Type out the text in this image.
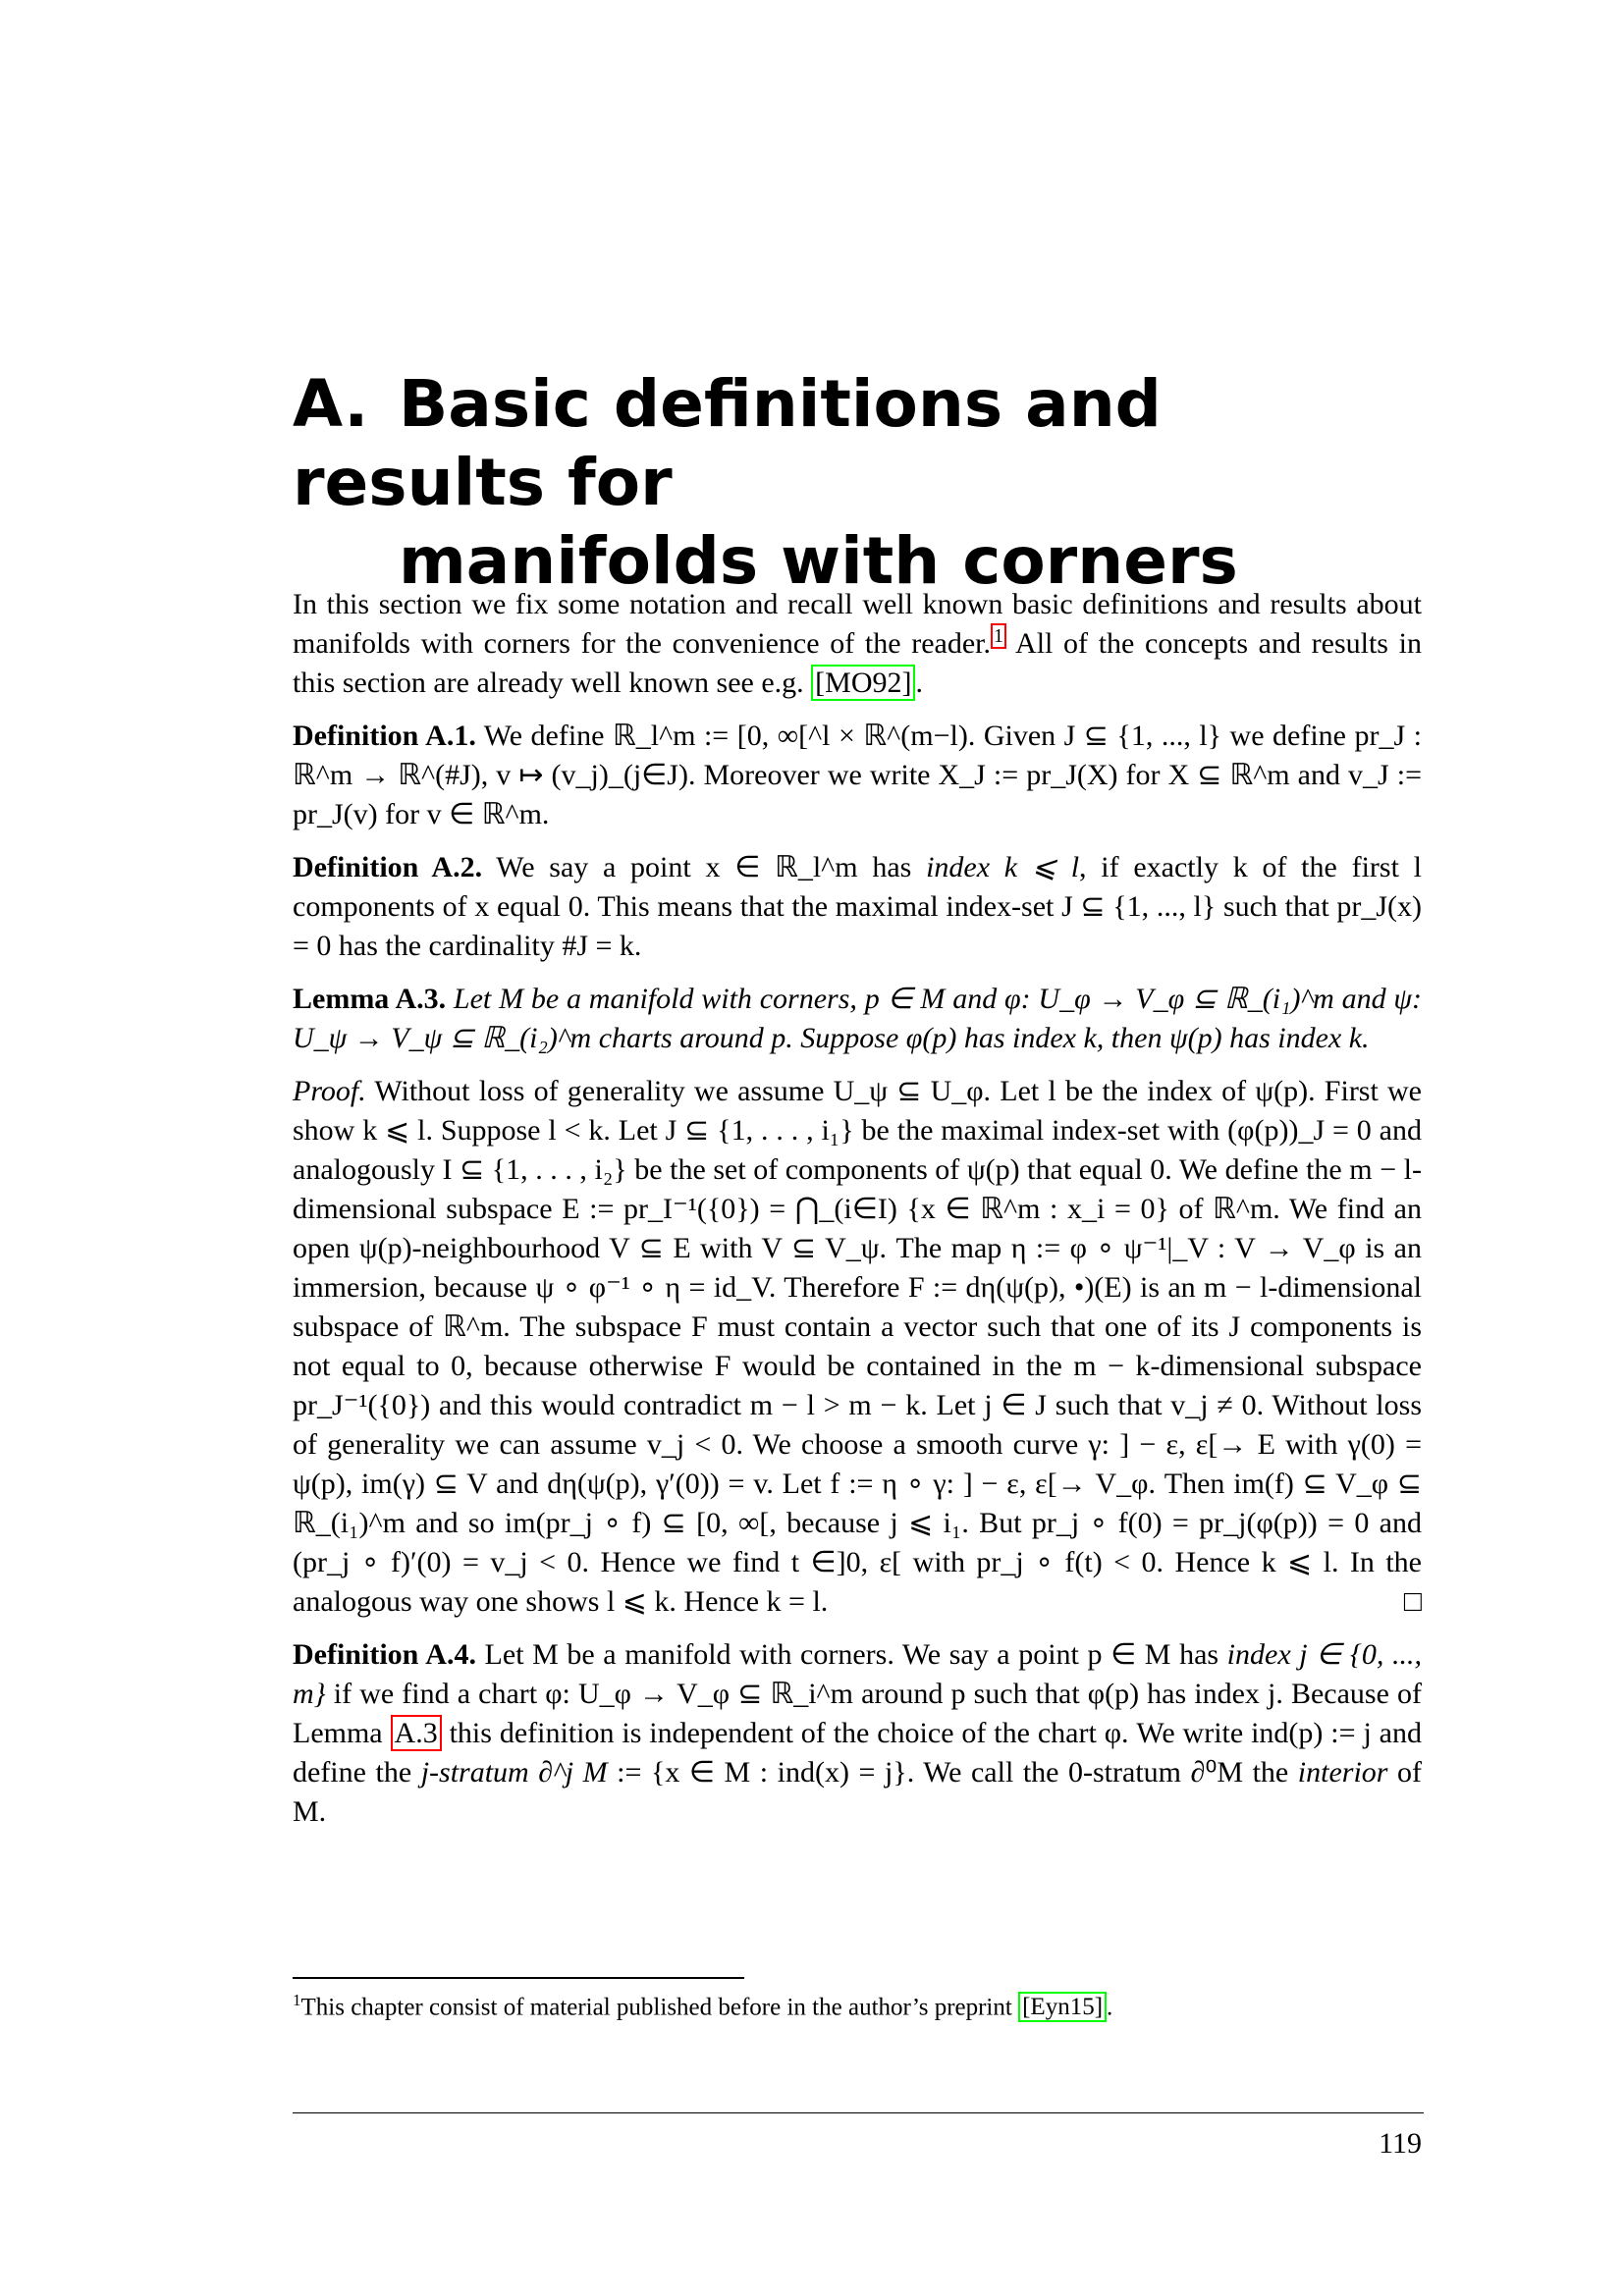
A. Basic definitions and results for
manifolds with corners

In this section we fix some notation and recall well known basic definitions and results about manifolds with corners for the convenience of the reader. $^1$ All of the concepts and results in this section are already well known see e.g. [MO92] .

Definition A.1. We define ℝ_l^m := [0, ∞[^l × ℝ^(m−l). Given J ⊆ {1, ..., l} we define pr_J : ℝ^m → ℝ^(#J), v ↦ (v_j)_(j∈J). Moreover we write X_J := pr_J(X) for X ⊆ ℝ^m and v_J := pr_J(v) for v ∈ ℝ^m.

Definition A.2. We say a point x ∈ ℝ_l^m has index k ⩽ l, if exactly k of the first l components of x equal 0. This means that the maximal index-set J ⊆ {1, ..., l} such that pr_J(x) = 0 has the cardinality #J = k.

Lemma A.3. Let M be a manifold with corners, p ∈ M and φ: U_φ → V_φ ⊆ ℝ_(i₁)^m and ψ: U_ψ → V_ψ ⊆ ℝ_(i₂)^m charts around p. Suppose φ(p) has index k, then ψ(p) has index k.

Proof. Without loss of generality we assume U_ψ ⊆ U_φ. Let l be the index of ψ(p). First we show k ⩽ l. Suppose l < k. Let J ⊆ {1, . . . , i₁} be the maximal index-set with (φ(p))_J = 0 and analogously I ⊆ {1, . . . , i₂} be the set of components of ψ(p) that equal 0. We define the m − l-dimensional subspace E := pr_I⁻¹({0}) = ⋂_(i∈I) {x ∈ ℝ^m : x_i = 0} of ℝ^m. We find an open ψ(p)-neighbourhood V ⊆ E with V ⊆ V_ψ. The map η := φ ∘ ψ⁻¹|_V : V → V_φ is an immersion, because ψ ∘ φ⁻¹ ∘ η = id_V. Therefore F := dη(ψ(p), •)(E) is an m − l-dimensional subspace of ℝ^m. The subspace F must contain a vector such that one of its J components is not equal to 0, because otherwise F would be contained in the m − k-dimensional subspace pr_J⁻¹({0}) and this would contradict m − l > m − k. Let j ∈ J such that v_j ≠ 0. Without loss of generality we can assume v_j < 0. We choose a smooth curve γ: ] − ε, ε[→ E with γ(0) = ψ(p), im(γ) ⊆ V and dη(ψ(p), γ′(0)) = v. Let f := η ∘ γ: ] − ε, ε[→ V_φ. Then im(f) ⊆ V_φ ⊆ ℝ_(i₁)^m and so im(pr_j ∘ f) ⊆ [0, ∞[, because j ⩽ i₁. But pr_j ∘ f(0) = pr_j(φ(p)) = 0 and (pr_j ∘ f)′(0) = v_j < 0. Hence we find t ∈]0, ε[ with pr_j ∘ f(t) < 0. Hence k ⩽ l. In the analogous way one shows l ⩽ k. Hence k = l.	□

Definition A.4. Let M be a manifold with corners. We say a point p ∈ M has index j ∈ {0, ..., m} if we find a chart φ: U_φ → V_φ ⊆ ℝ_i^m around p such that φ(p) has index j. Because of Lemma A.3 this definition is independent of the choice of the chart φ. We write ind(p) := j and define the j-stratum ∂^j M := {x ∈ M : ind(x) = j}. We call the 0-stratum ∂⁰M the interior of M.

$^1$This chapter consist of material published before in the author’s preprint [Eyn15] .
119
